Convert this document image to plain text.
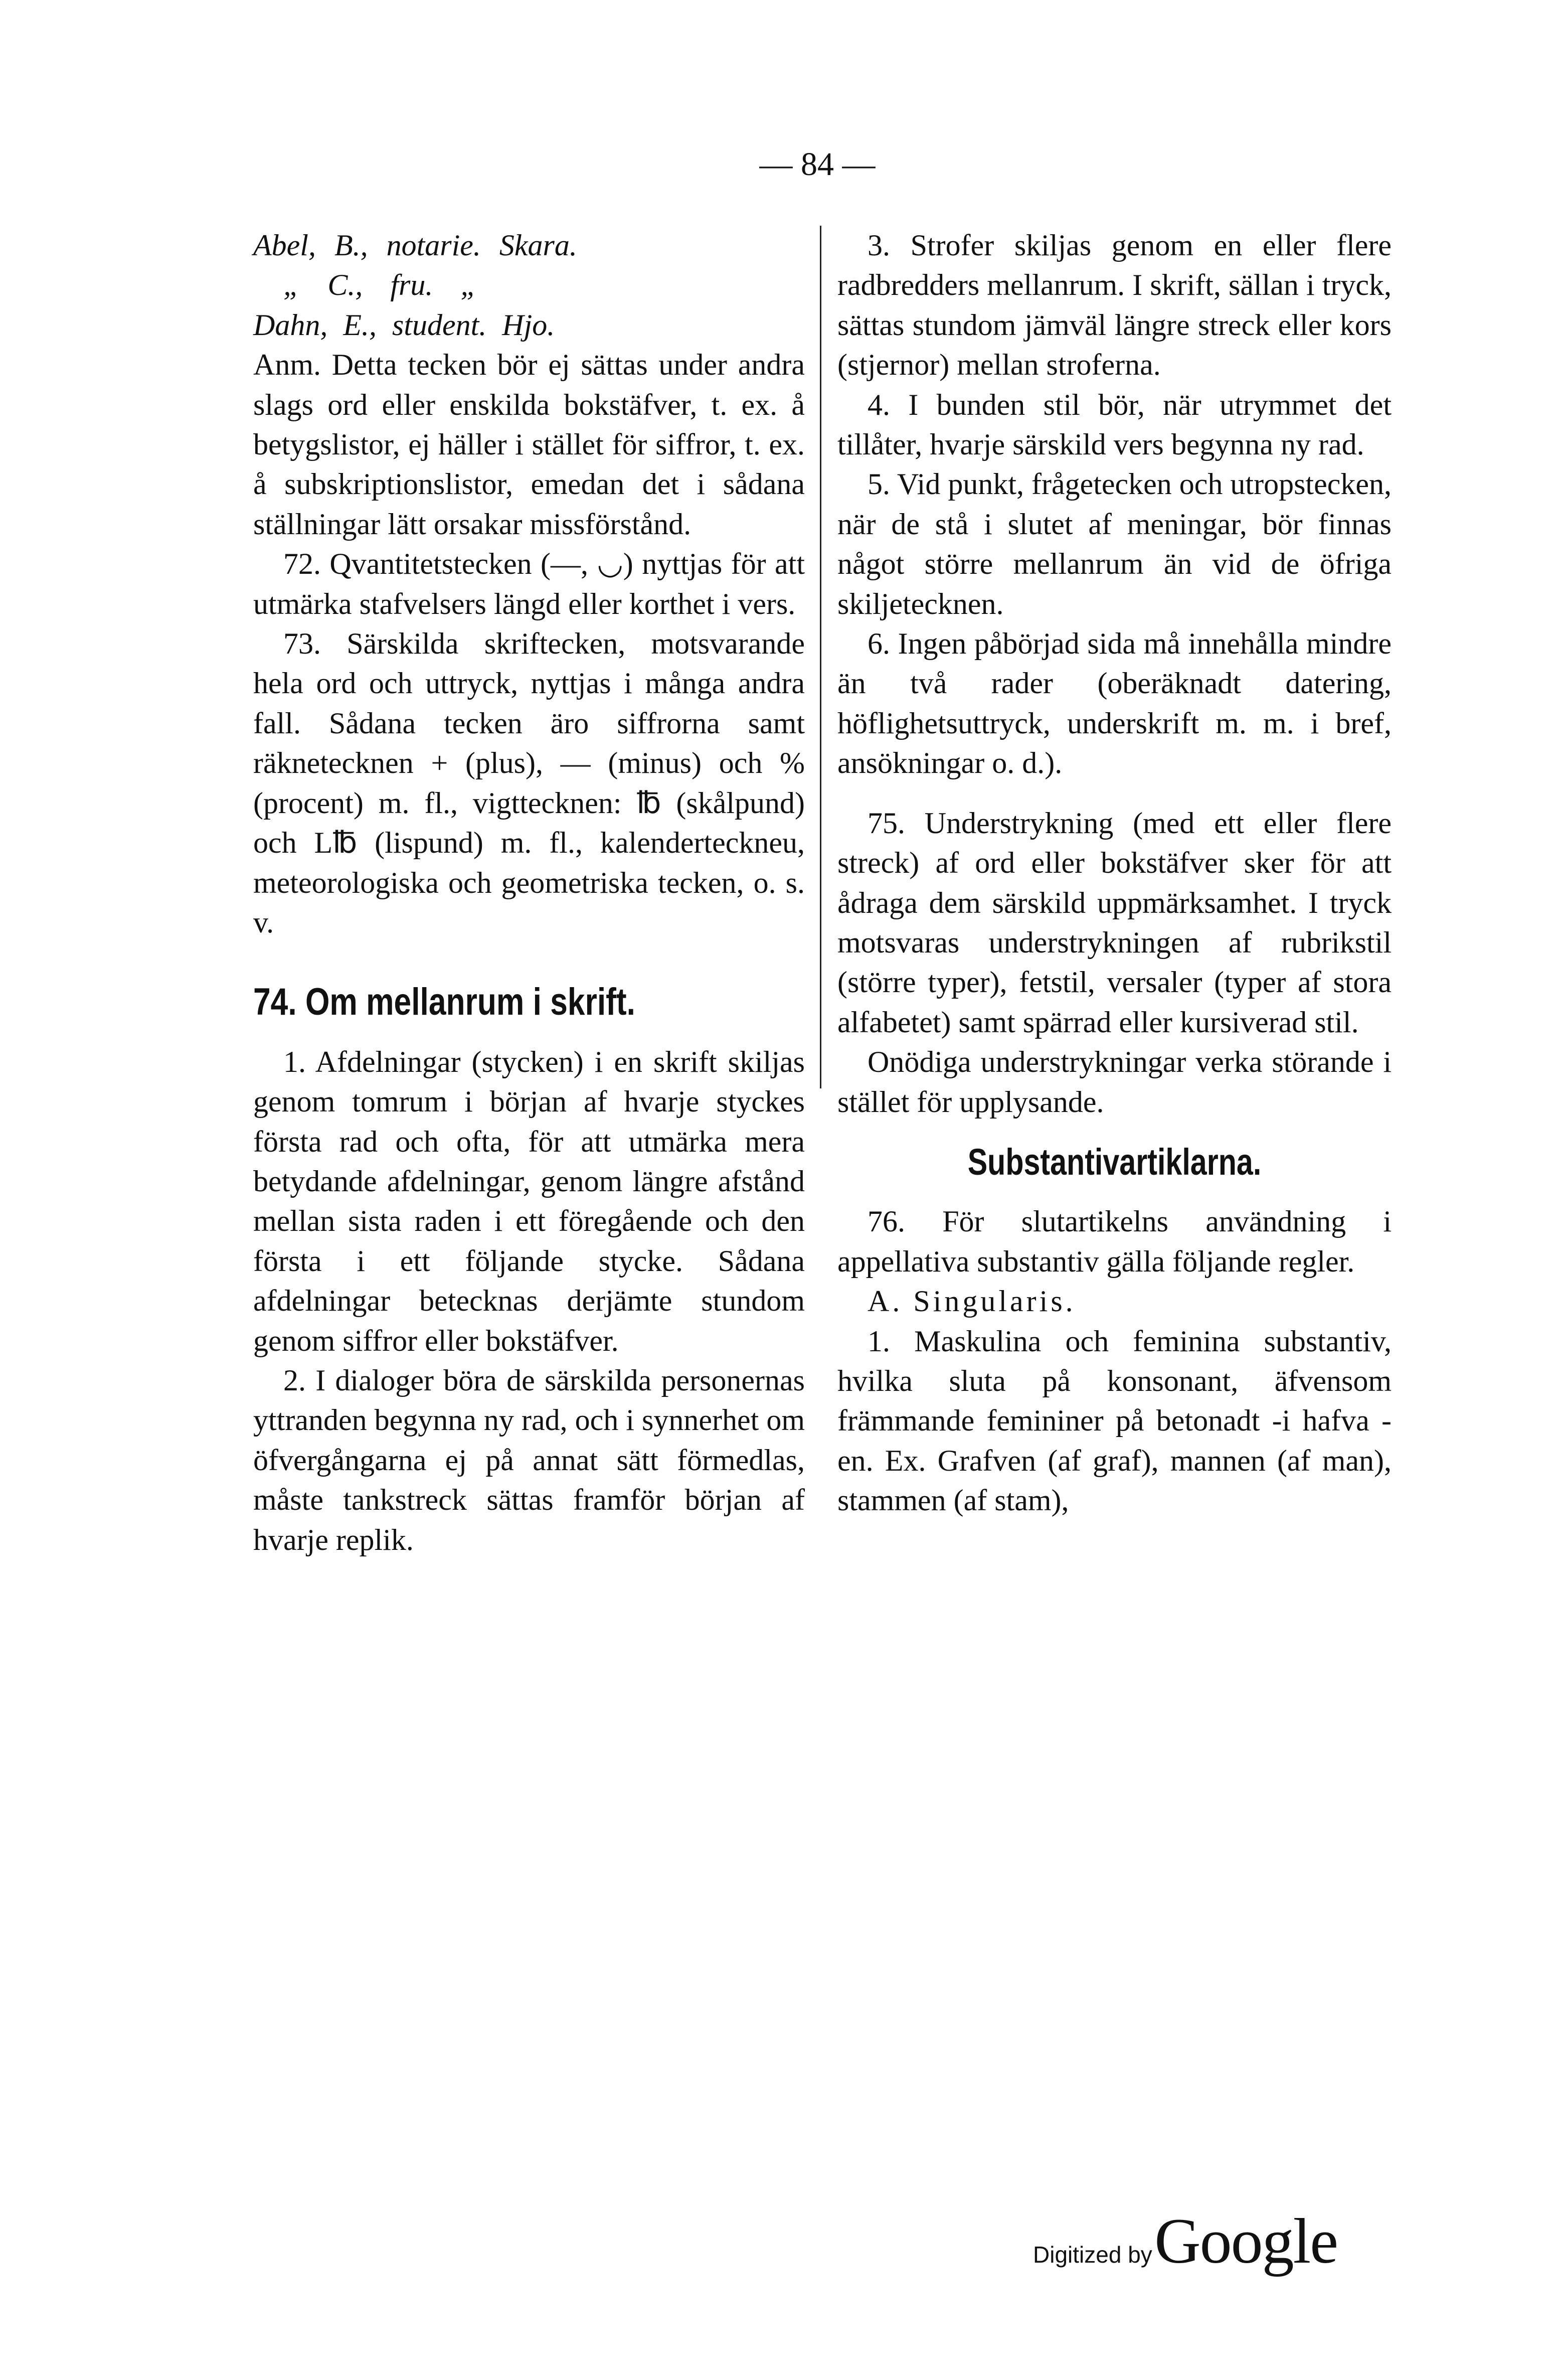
— 84 —

Abel, B., notarie. Skara.

„ C., fru. „

Dahn, E., student. Hjo.

Anm. Detta tecken bör ej sättas under andra slags ord eller enskilda bokstäfver, t. ex. å betygslistor, ej häller i stället för siffror, t. ex. å subskriptionslistor, emedan det i sådana ställningar lätt orsakar missförstånd.

72. Qvantitetstecken (—, ◡) nyttjas för att utmärka stafvelsers längd eller korthet i vers.

73. Särskilda skriftecken, motsvarande hela ord och uttryck, nyttjas i många andra fall. Sådana tecken äro siffrorna samt räknetecknen + (plus), — (minus) och % (procent) m. fl., vigttecknen: ℔ (skålpund) och L℔ (lispund) m. fl., kalenderteckneu, meteorologiska och geometriska tecken, o. s. v.

74. Om mellanrum i skrift.

1. Afdelningar (stycken) i en skrift skiljas genom tomrum i början af hvarje styckes första rad och ofta, för att utmärka mera betydande afdelningar, genom längre afstånd mellan sista raden i ett föregående och den första i ett följande stycke. Sådana afdelningar betecknas derjämte stundom genom siffror eller bokstäfver.

2. I dialoger böra de särskilda personernas yttranden begynna ny rad, och i synnerhet om öfvergångarna ej på annat sätt förmedlas, måste tankstreck sättas framför början af hvarje replik.

3. Strofer skiljas genom en eller flere radbredders mellanrum. I skrift, sällan i tryck, sättas stundom jämväl längre streck eller kors (stjernor) mellan stroferna.

4. I bunden stil bör, när utrymmet det tillåter, hvarje särskild vers begynna ny rad.

5. Vid punkt, frågetecken och utropstecken, när de stå i slutet af meningar, bör finnas något större mellanrum än vid de öfriga skiljetecknen.

6. Ingen påbörjad sida må innehålla mindre än två rader (oberäknadt datering, höflighetsuttryck, underskrift m. m. i bref, ansökningar o. d.).

75. Understrykning (med ett eller flere streck) af ord eller bokstäfver sker för att ådraga dem särskild uppmärksamhet. I tryck motsvaras understrykningen af rubrikstil (större typer), fetstil, versaler (typer af stora alfabetet) samt spärrad eller kursiverad stil.

Onödiga understrykningar verka störande i stället för upplysande.

Substantivartiklarna.

76. För slutartikelns användning i appellativa substantiv gälla följande regler.

A. Singularis.

1. Maskulina och feminina substantiv, hvilka sluta på konsonant, äfvensom främmande femininer på betonadt -i hafva -en. Ex. Grafven (af graf), mannen (af man), stammen (af stam),

Digitized by Google
